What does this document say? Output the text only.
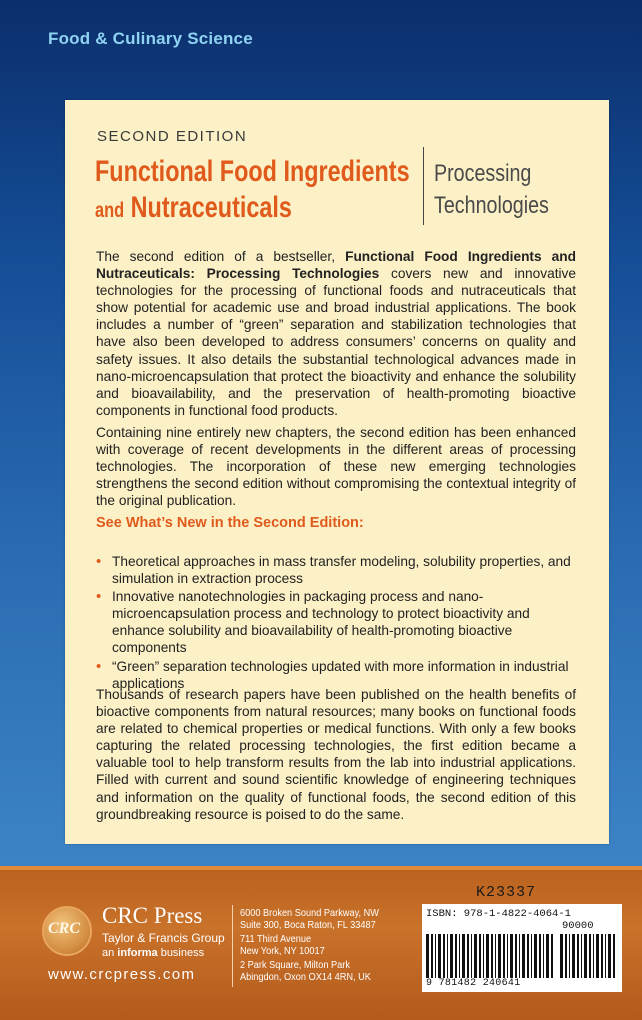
Food & Culinary Science
SECOND EDITION
Functional Food Ingredients
and Nutraceuticals
Processing
Technologies
The second edition of a bestseller, Functional Food Ingredients and Nutraceuticals: Processing Technologies covers new and innovative technologies for the processing of functional foods and nutraceuticals that show potential for academic use and broad industrial applications. The book includes a number of “green” separation and stabilization technologies that have also been developed to address consumers’ concerns on quality and safety issues. It also details the substantial technological advances made in nano-microencapsulation that protect the bioactivity and enhance the solubility and bioavailability, and the preservation of health-promoting bioactive components in functional food products.
Containing nine entirely new chapters, the second edition has been enhanced with coverage of recent developments in the different areas of processing technologies. The incorporation of these new emerging technologies strengthens the second edition without compromising the contextual integrity of the original publication.
See What’s New in the Second Edition:
• Theoretical approaches in mass transfer modeling, solubility properties, and simulation in extraction process
• Innovative nanotechnologies in packaging process and nano-microencapsulation process and technology to protect bioactivity and enhance solubility and bioavailability of health-promoting bioactive components
• “Green” separation technologies updated with more information in industrial applications
Thousands of research papers have been published on the health benefits of bioactive components from natural resources; many books on functional foods are related to chemical properties or medical functions. With only a few books capturing the related processing technologies, the first edition became a valuable tool to help transform results from the lab into industrial applications. Filled with current and sound scientific knowledge of engineering techniques and information on the quality of functional foods, the second edition of this groundbreaking resource is poised to do the same.
CRC
CRC Press
Taylor & Francis Group
an informa business
www.crcpress.com
6000 Broken Sound Parkway, NW
Suite 300, Boca Raton, FL 33487
711 Third Avenue
New York, NY 10017
2 Park Square, Milton Park
Abingdon, Oxon OX14 4RN, UK
K23337
ISBN: 978-1-4822-4064-1
90000
9 781482 240641
